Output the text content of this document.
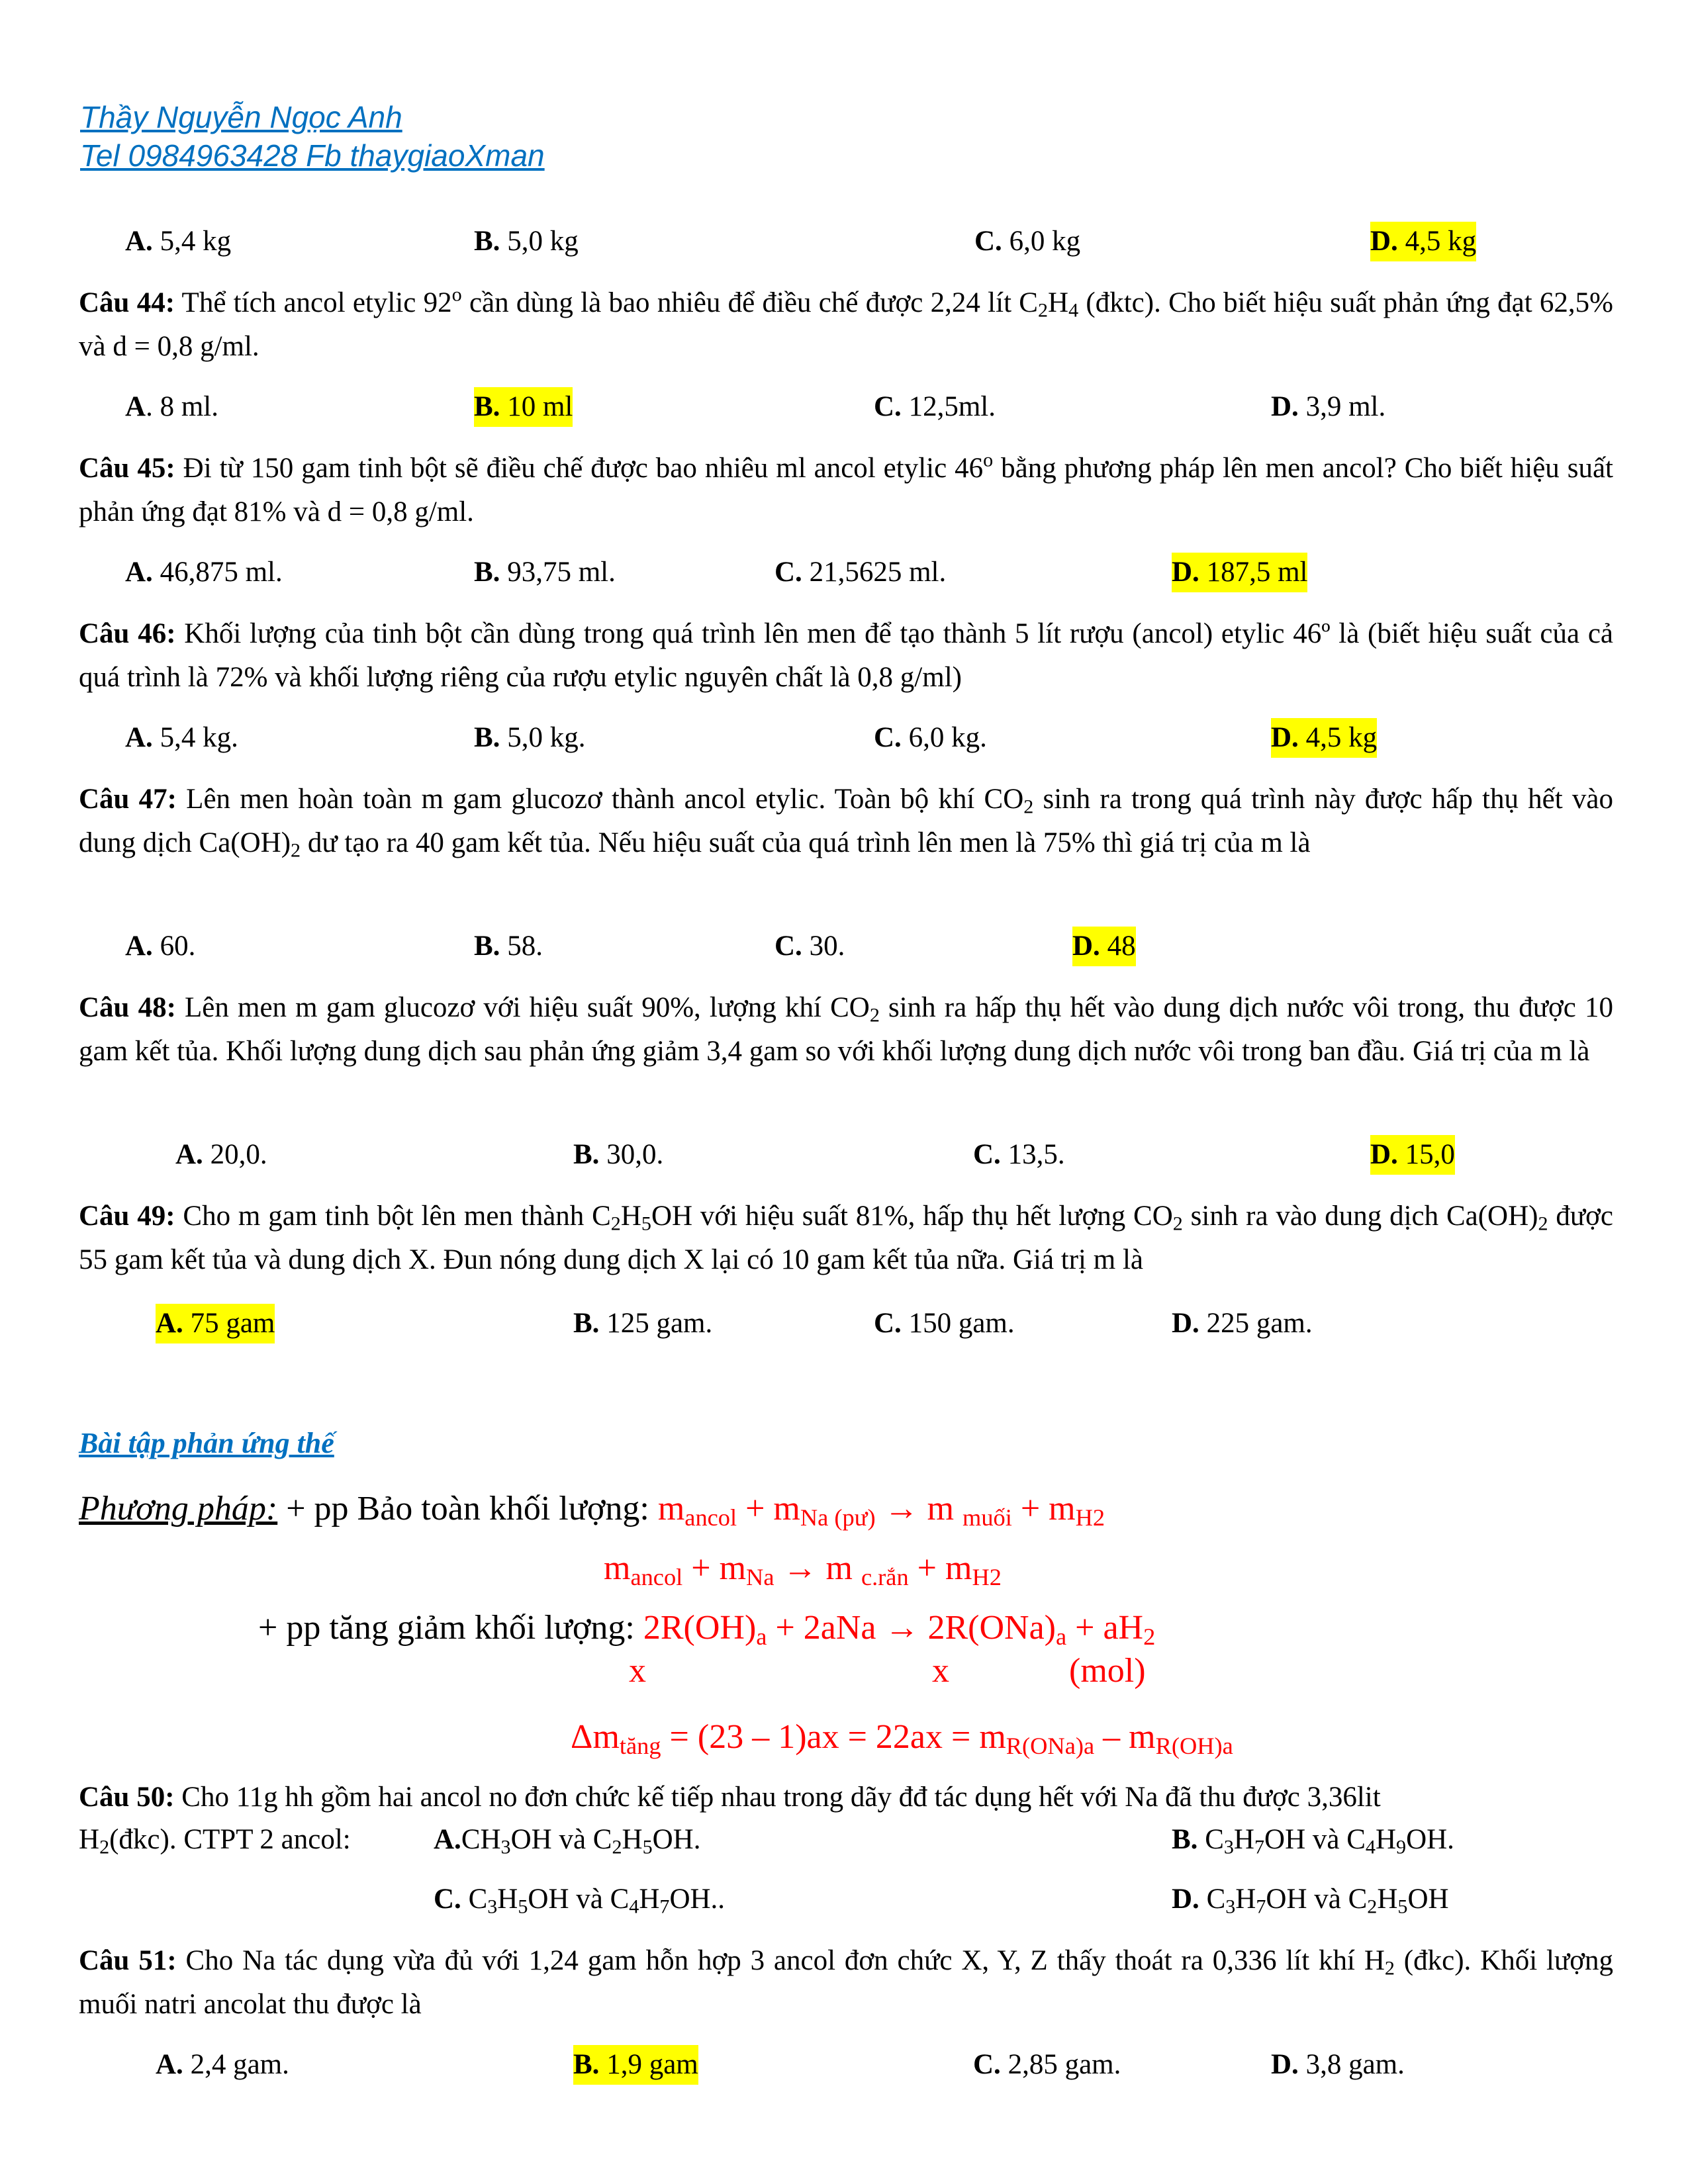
Thầy Nguyễn Ngọc Anh
Tel 0984963428 Fb thaygiaoXman
A. 5,4 kg	B. 5,0 kg	C. 6,0 kg	D. 4,5 kg
Câu 44: Thể tích ancol etylic 92$^o$ cần dùng là bao nhiêu để điều chế được 2,24 lít $C_2H_4$ (đktc). Cho biết hiệu suất phản ứng đạt 62,5% và d = 0,8 g/ml.
A. 8 ml.	B. 10 ml	C. 12,5ml.	D. 3,9 ml.
Câu 45: Đi từ 150 gam tinh bột sẽ điều chế được bao nhiêu ml ancol etylic 46$^o$ bằng phương pháp lên men ancol? Cho biết hiệu suất phản ứng đạt 81% và d = 0,8 g/ml.
A. 46,875 ml.	B. 93,75 ml.	C. 21,5625 ml.	D. 187,5 ml
Câu 46: Khối lượng của tinh bột cần dùng trong quá trình lên men để tạo thành 5 lít rượu (ancol) etylic 46º là (biết hiệu suất của cả quá trình là 72% và khối lượng riêng của rượu etylic nguyên chất là 0,8 g/ml)
A. 5,4 kg.	B. 5,0 kg.	C. 6,0 kg.	D. 4,5 kg
Câu 47: Lên men hoàn toàn m gam glucozơ thành ancol etylic. Toàn bộ khí $CO_2$ sinh ra trong quá trình này được hấp thụ hết vào dung dịch $Ca(OH)_2$ dư tạo ra 40 gam kết tủa. Nếu hiệu suất của quá trình lên men là 75% thì giá trị của m là
A. 60.	B. 58.	C. 30.	D. 48
Câu 48: Lên men m gam glucozơ với hiệu suất 90%, lượng khí $CO_2$ sinh ra hấp thụ hết vào dung dịch nước vôi trong, thu được 10 gam kết tủa. Khối lượng dung dịch sau phản ứng giảm 3,4 gam so với khối lượng dung dịch nước vôi trong ban đầu. Giá trị của m là
A. 20,0.	B. 30,0.	C. 13,5.	D. 15,0
Câu 49: Cho m gam tinh bột lên men thành $C_2H_5OH$ với hiệu suất 81%, hấp thụ hết lượng $CO_2$ sinh ra vào dung dịch $Ca(OH)_2$ được 55 gam kết tủa và dung dịch X. Đun nóng dung dịch X lại có 10 gam kết tủa nữa. Giá trị m là
A. 75 gam	B. 125 gam.	C. 150 gam.	D. 225 gam.
Bài tập phản ứng thế
Phương pháp: + pp Bảo toàn khối lượng: $m_{ancol} + m_{Na (pư)} \to m$ $_{muối} + m_{H2}$
$m_{ancol} + m_{Na} \to m$ $_{c.rắn} + m_{H2}$
+ pp tăng giảm khối lượng: $2R(OH)_a + 2aNa \to 2R(ONa)_a + aH_2$
x	x	(mol)
$\Delta m_{tăng} = (23 - 1)ax = 22ax = m_{R(ONa)a} - m_{R(OH)a}$
Câu 50: Cho 11g hh gồm hai ancol no đơn chức kế tiếp nhau trong dãy đđ tác dụng hết với Na đã thu được 3,36lit
$H_2(đkc)$. CTPT 2 ancol:	$A.CH_3OH$ và $C_2H_5OH$.	B. $C_3H_7OH$ và $C_4H_9OH$.
C. $C_3H_5OH$ và $C_4H_7OH$..	D. $C_3H_7OH$ và $C_2H_5OH$
Câu 51: Cho Na tác dụng vừa đủ với 1,24 gam hỗn hợp 3 ancol đơn chức X, Y, Z thấy thoát ra 0,336 lít khí $H_2$ (đkc). Khối lượng muối natri ancolat thu được là
A. 2,4 gam.	B. 1,9 gam	C. 2,85 gam.	D. 3,8 gam.
